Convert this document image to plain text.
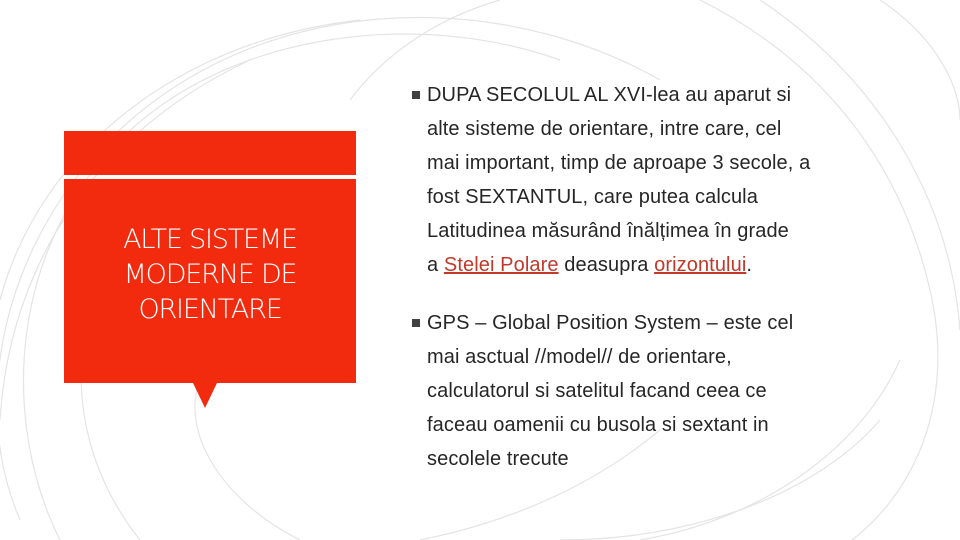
ALTE SISTEME
MODERNE DE
ORIENTARE
DUPA SECOLUL AL XVI-lea au aparut si
alte sisteme de orientare, intre care, cel
mai important, timp de aproape 3 secole, a
fost SEXTANTUL, care putea calcula
Latitudinea măsurând înălțimea în grade
a Stelei Polare deasupra orizontului.
GPS – Global Position System – este cel
mai asctual //model// de orientare,
calculatorul si satelitul facand ceea ce
faceau oamenii cu busola si sextant in
secolele trecute
